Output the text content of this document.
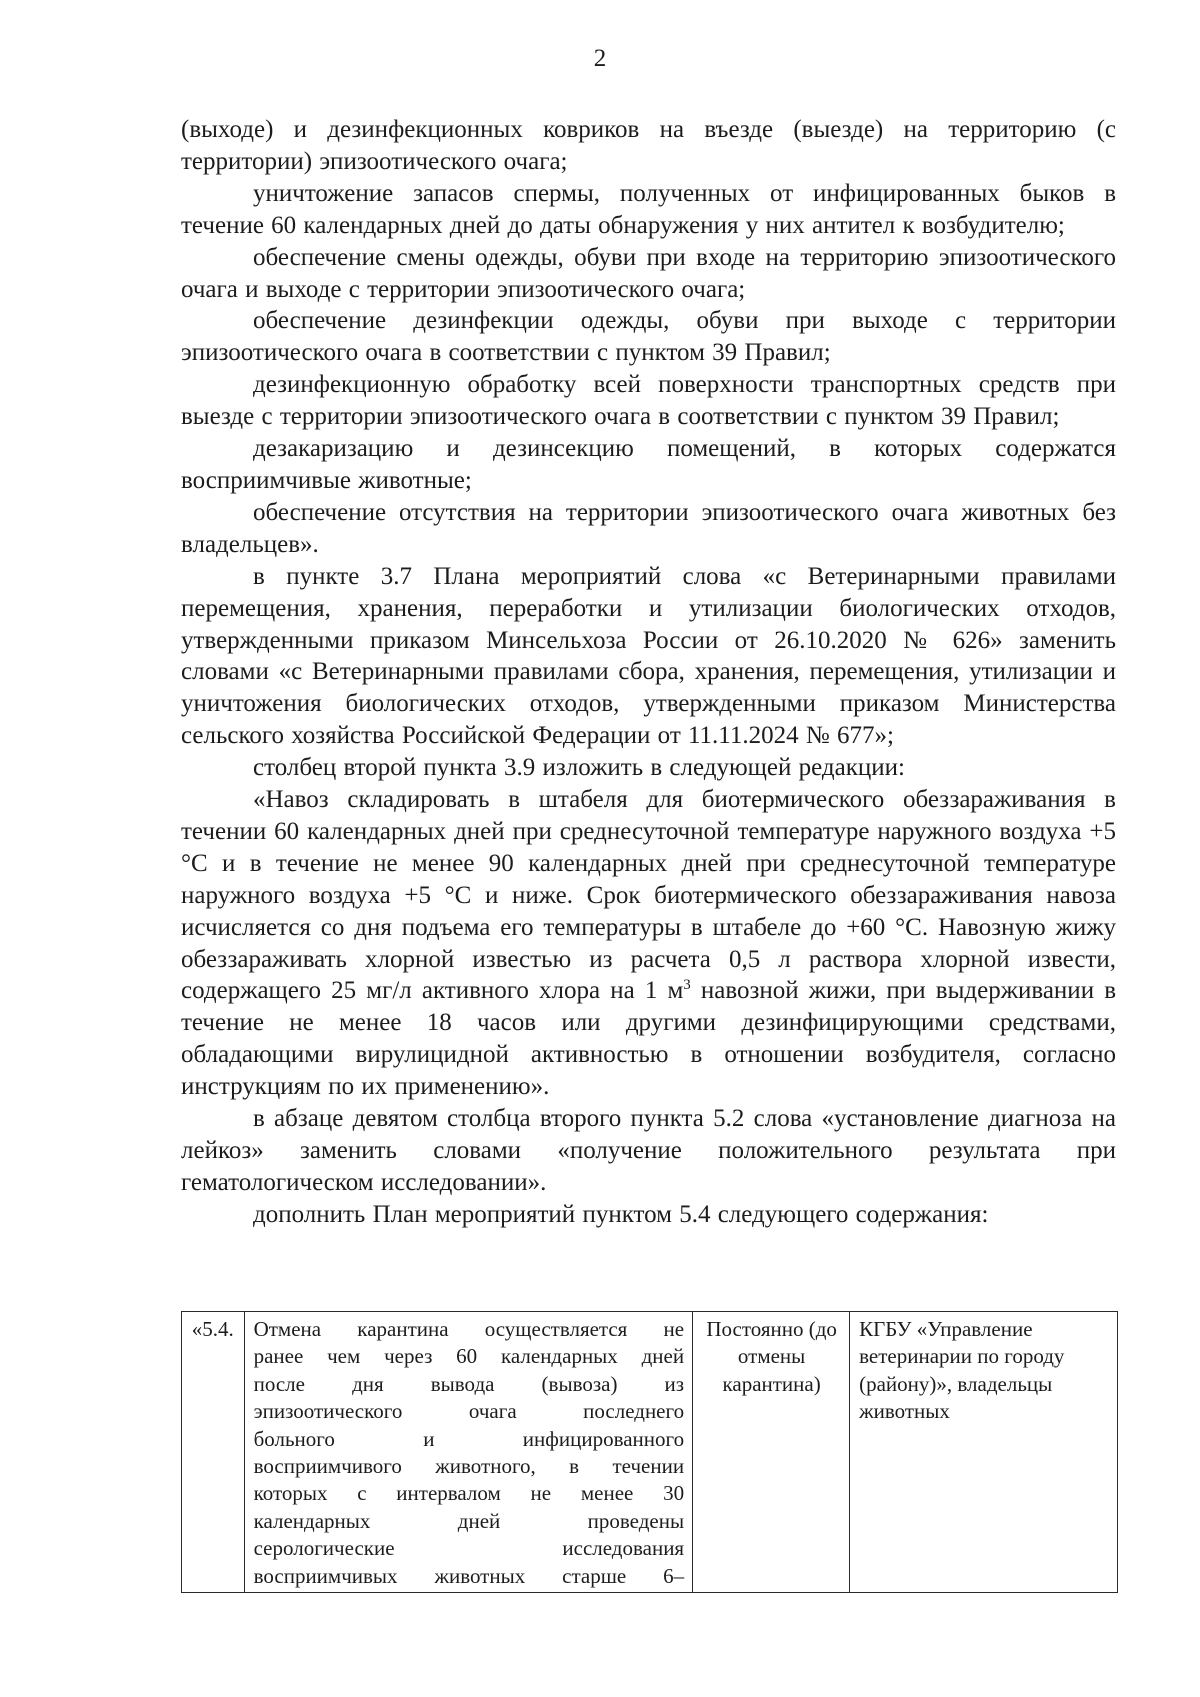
2

(выходе) и дезинфекционных ковриков на въезде (выезде) на территорию (с территории) эпизоотического очага;

уничтожение запасов спермы, полученных от инфицированных быков в течение 60 календарных дней до даты обнаружения у них антител к возбудителю;

обеспечение смены одежды, обуви при входе на территорию эпизоотического очага и выходе с территории эпизоотического очага;

обеспечение дезинфекции одежды, обуви при выходе с территории эпизоотического очага в соответствии с пунктом 39 Правил;

дезинфекционную обработку всей поверхности транспортных средств при выезде с территории эпизоотического очага в соответствии с пунктом 39 Правил;

дезакаризацию и дезинсекцию помещений, в которых содержатся восприимчивые животные;

обеспечение отсутствия на территории эпизоотического очага животных без владельцев».

в пункте 3.7 Плана мероприятий слова «с Ветеринарными правилами перемещения, хранения, переработки и утилизации биологических отходов, утвержденными приказом Минсельхоза России от 26.10.2020 № 626» заменить словами «с Ветеринарными правилами сбора, хранения, перемещения, утилизации и уничтожения биологических отходов, утвержденными приказом Министерства сельского хозяйства Российской Федерации от 11.11.2024 № 677»;

столбец второй пункта 3.9 изложить в следующей редакции:

«Навоз складировать в штабеля для биотермического обеззараживания в течении 60 календарных дней при среднесуточной температуре наружного воздуха +5 °С и в течение не менее 90 календарных дней при среднесуточной температуре наружного воздуха +5 °С и ниже. Срок биотермического обеззараживания навоза исчисляется со дня подъема его температуры в штабеле до +60 °С. Навозную жижу обеззараживать хлорной известью из расчета 0,5 л раствора хлорной извести, содержащего 25 мг/л активного хлора на 1 $м^3$ навозной жижи, при выдерживании в течение не менее 18 часов или другими дезинфицирующими средствами, обладающими вирулицидной активностью в отношении возбудителя, согласно инструкциям по их применению».

в абзаце девятом столбца второго пункта 5.2 слова «установление диагноза на лейкоз» заменить словами «получение положительного результата при гематологическом исследовании».

дополнить План мероприятий пунктом 5.4 следующего содержания:

«5.4.	Отмена карантина осуществляется не
ранее чем через 60 календарных дней
после дня вывода (вывоза) из
эпизоотического очага последнего
больного и инфицированного
восприимчивого животного, в течении
которых с интервалом не менее 30
календарных дней проведены
серологические исследования
восприимчивых животных старше 6–
	Постоянно (до отмены карантина)	КГБУ «Управление ветеринарии по городу (району)», владельцы животных
